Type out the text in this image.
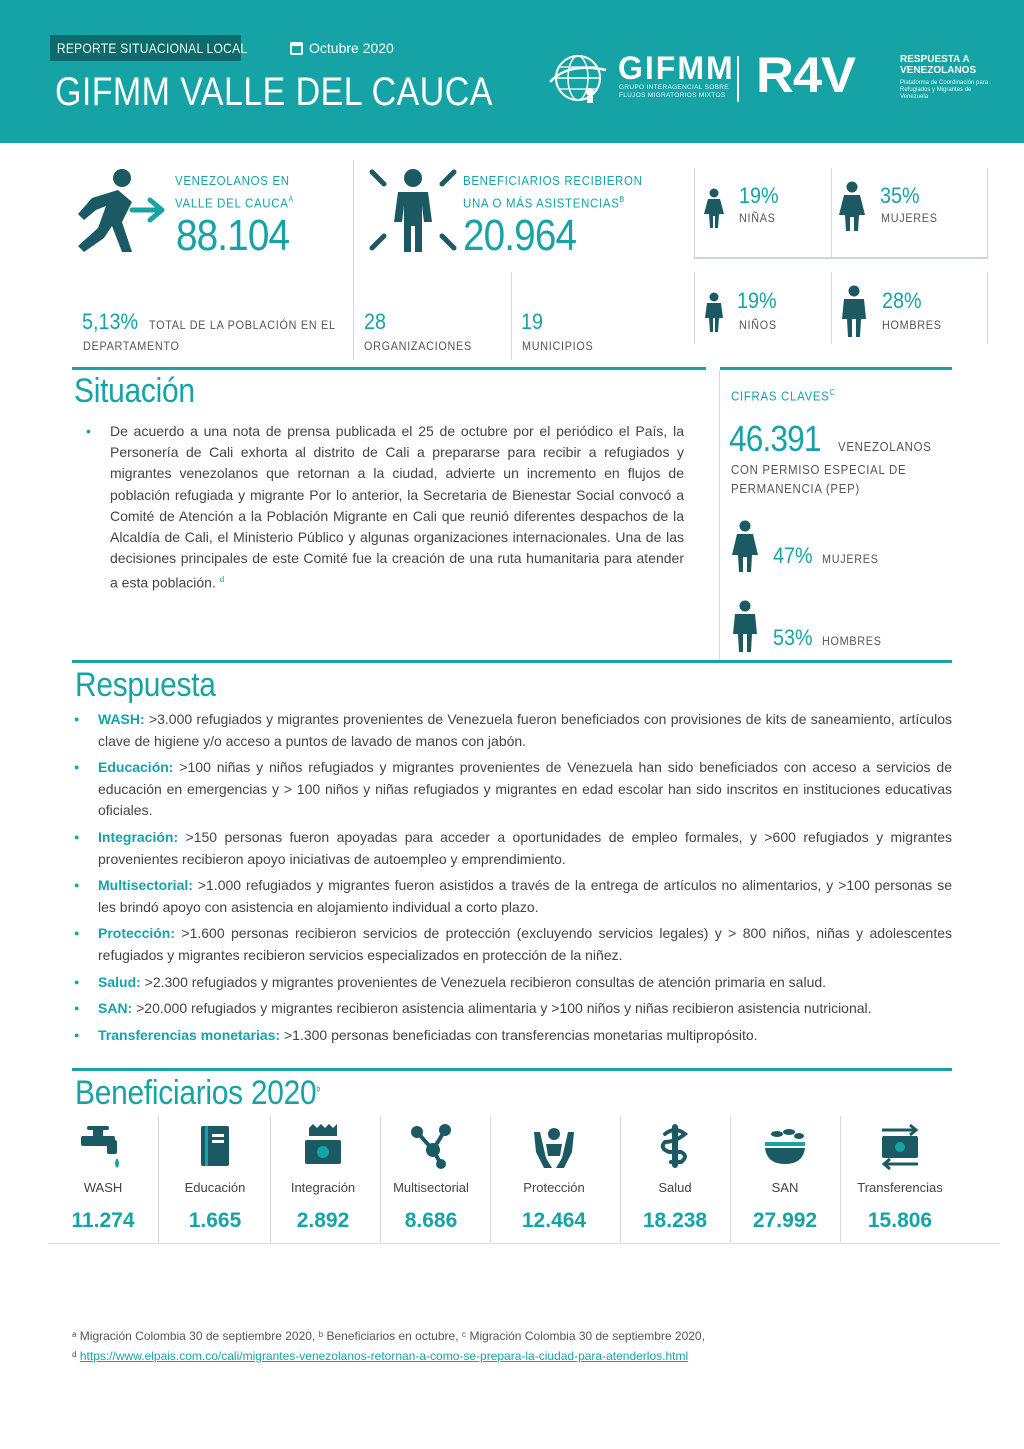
REPORTE SITUACIONAL LOCAL	Octubre 2020
GIFMM VALLE DEL CAUCA
GIFMM
GRUPO INTERAGENCIAL SOBRE FLUJOS MIGRATORIOS MIXTOS R4V	RESPUESTA A VENEZOLANOS
Plataforma de Coordinación para Refugiados y Migrantes de Venezuela
VENEZOLANOS EN
VALLE DEL $CAUCA^A$
88.104
BENEFICIARIOS RECIBIERON
UNA O MÁS $ASISTENCIAS^B$
20.964
5,13% TOTAL DE LA POBLACIÓN EN EL
DEPARTAMENTO
28
ORGANIZACIONES
19
MUNICIPIOS
19%
NIÑAS
35%
MUJERES
19%
NIÑOS
28%
HOMBRES
Situación
• De acuerdo a una nota de prensa publicada el 25 de octubre por el periódico el País, la Personería de Cali exhorta al distrito de Cali a prepararse para recibir a refugiados y migrantes venezolanos que retornan a la ciudad, advierte un incremento en flujos de población refugiada y migrante Por lo anterior, la Secretaria de Bienestar Social convocó a Comité de Atención a la Población Migrante en Cali que reunió diferentes despachos de la Alcaldía de Cali, el Ministerio Público y algunas organizaciones internacionales. Una de las decisiones principales de este Comité fue la creación de una ruta humanitaria para atender a esta población. $^d$

CIFRAS $CLAVES^C$
46.391 VENEZOLANOS
CON PERMISO ESPECIAL DE
PERMANENCIA (PEP)
47% MUJERES
53% HOMBRES
Respuesta
● WASH: >3.000 refugiados y migrantes provenientes de Venezuela fueron beneficiados con provisiones de kits de saneamiento, artículos clave de higiene y/o acceso a puntos de lavado de manos con jabón.
● Educación: >100 niñas y niños refugiados y migrantes provenientes de Venezuela han sido beneficiados con acceso a servicios de educación en emergencias y > 100 niños y niñas refugiados y migrantes en edad escolar han sido inscritos en instituciones educativas oficiales.
● Integración: >150 personas fueron apoyadas para acceder a oportunidades de empleo formales, y >600 refugiados y migrantes provenientes recibieron apoyo iniciativas de autoempleo y emprendimiento.
● Multisectorial: >1.000 refugiados y migrantes fueron asistidos a través de la entrega de artículos no alimentarios, y >100 personas se les brindó apoyo con asistencia en alojamiento individual a corto plazo.
● Protección: >1.600 personas recibieron servicios de protección (excluyendo servicios legales) y > 800 niños, niñas y adolescentes refugiados y migrantes recibieron servicios especializados en protección de la niñez.
● Salud: >2.300 refugiados y migrantes provenientes de Venezuela recibieron consultas de atención primaria en salud.
● SAN: >20.000 refugiados y migrantes recibieron asistencia alimentaria y >100 niños y niñas recibieron asistencia nutricional.
● Transferencias monetarias: >1.300 personas beneficiadas con transferencias monetarias multipropósito.
Beneficiarios 2020$^b$
WASH
11.274
Educación
1.665
Integración
2.892
Multisectorial
8.686
Protección
12.464
Salud
18.238
SAN
27.992
Transferencias
15.806
ᵃ Migración Colombia 30 de septiembre 2020, ᵇ Beneficiarios en octubre, ᶜ Migración Colombia 30 de septiembre 2020,
ᵈ https://www.elpais.com.co/cali/migrantes-venezolanos-retornan-a-como-se-prepara-la-ciudad-para-atenderlos.html
